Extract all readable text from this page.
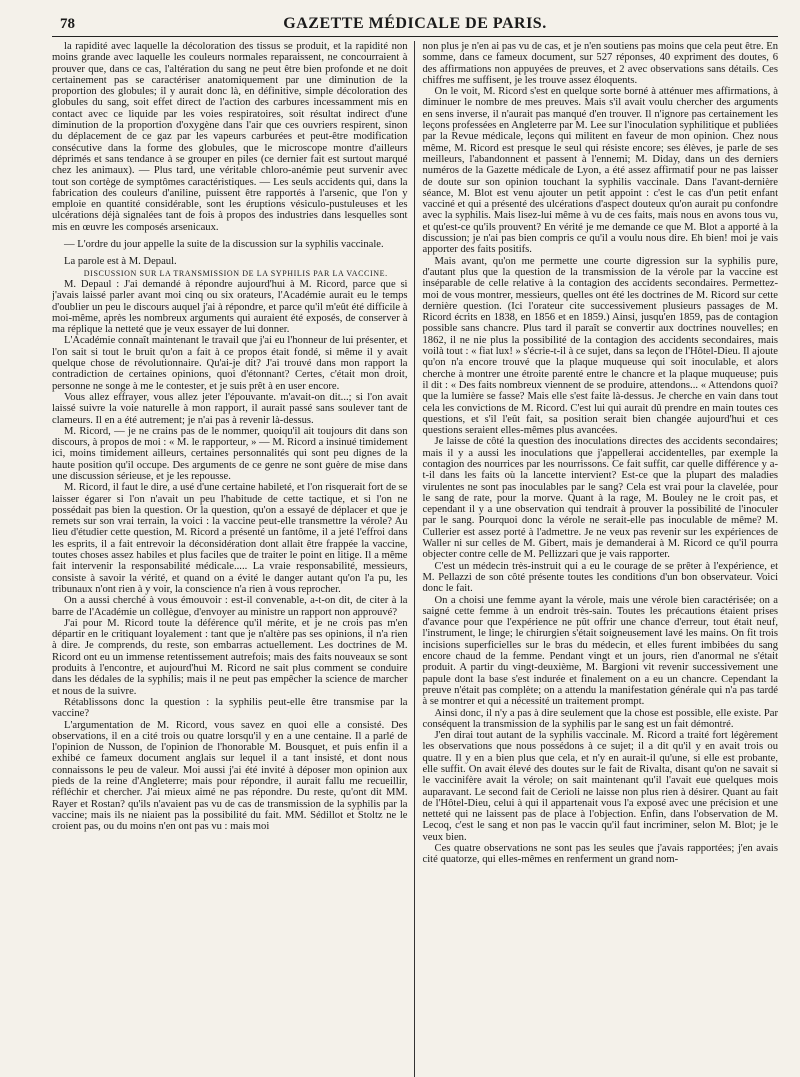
78	GAZETTE MÉDICALE DE PARIS.

la rapidité avec laquelle la décoloration des tissus se produit, et la rapidité non moins grande avec laquelle les couleurs normales reparaissent, ne concourraient à prouver que, dans ce cas, l'altération du sang ne peut être bien profonde et ne doit certainement pas se caractériser anatomiquement par une diminution de la proportion des globules; il y aurait donc là, en définitive, simple décoloration des globules du sang, soit effet direct de l'action des carbures incessamment mis en contact avec ce liquide par les voies respiratoires, soit résultat indirect d'une diminution de la proportion d'oxygène dans l'air que ces ouvriers respirent, sinon du déplacement de ce gaz par les vapeurs carburées et peut-être modification consécutive dans la forme des globules, que le microscope montre d'ailleurs déprimés et sans tendance à se grouper en piles (ce dernier fait est surtout marqué chez les animaux). — Plus tard, une véritable chloro-anémie peut survenir avec tout son cortège de symptômes caractéristiques. — Les seuls accidents qui, dans la fabrication des couleurs d'aniline, puissent être rapportés à l'arsenic, que l'on y emploie en quantité considérable, sont les éruptions vésiculo-pustuleuses et les ulcérations déjà signalées tant de fois à propos des industries dans lesquelles sont mis en œuvre les composés arsenicaux.

— L'ordre du jour appelle la suite de la discussion sur la syphilis vaccinale.

La parole est à M. Depaul.

DISCUSSION SUR LA TRANSMISSION DE LA SYPHILIS PAR LA VACCINE.

M. Depaul : J'ai demandé à répondre aujourd'hui à M. Ricord, parce que si j'avais laissé parler avant moi cinq ou six orateurs, l'Académie aurait eu le temps d'oublier un peu le discours auquel j'ai à répondre, et parce qu'il m'eût été difficile à moi-même, après les nombreux arguments qui auraient été exposés, de conserver à ma réplique la netteté que je veux essayer de lui donner.

L'Académie connaît maintenant le travail que j'ai eu l'honneur de lui présenter, et l'on sait si tout le bruit qu'on a fait à ce propos était fondé, si même il y avait quelque chose de révolutionnaire. Qu'ai-je dit? J'ai trouvé dans mon rapport la contradiction de certaines opinions, quoi d'étonnant? Certes, c'était mon droit, personne ne songe à me le contester, et je suis prêt à en user encore.

Vous allez effrayer, vous allez jeter l'épouvante. m'avait-on dit...; si l'on avait laissé suivre la voie naturelle à mon rapport, il aurait passé sans soulever tant de clameurs. Il en a été autrement; je n'ai pas à revenir là-dessus.

M. Ricord, — je ne crains pas de le nommer, quoiqu'il ait toujours dit dans son discours, à propos de moi : « M. le rapporteur, » — M. Ricord a insinué timidement ici, moins timidement ailleurs, certaines personnalités qui sont peu dignes de la haute position qu'il occupe. Des arguments de ce genre ne sont guère de mise dans une discussion sérieuse, et je les repousse.

M. Ricord, il faut le dire, a usé d'une certaine habileté, et l'on risquerait fort de se laisser égarer si l'on n'avait un peu l'habitude de cette tactique, et si l'on ne possédait pas bien la question. Or la question, qu'on a essayé de déplacer et que je remets sur son vrai terrain, la voici : la vaccine peut-elle transmettre la vérole? Au lieu d'étudier cette question, M. Ricord a présenté un fantôme, il a jeté l'effroi dans les esprits, il a fait entrevoir la déconsidération dont allait être frappée la vaccine, toutes choses assez habiles et plus faciles que de traiter le point en litige. Il a même fait intervenir la responsabilité médicale..... La vraie responsabilité, messieurs, consiste à savoir la vérité, et quand on a évité le danger autant qu'on l'a pu, les tribunaux n'ont rien à y voir, la conscience n'a rien à vous reprocher.

On a aussi cherché à vous émouvoir : est-il convenable, a-t-on dit, de citer à la barre de l'Académie un collègue, d'envoyer au ministre un rapport non approuvé?

J'ai pour M. Ricord toute la déférence qu'il mérite, et je ne crois pas m'en départir en le critiquant loyalement : tant que je n'altère pas ses opinions, il n'a rien à dire. Je comprends, du reste, son embarras actuellement. Les doctrines de M. Ricord ont eu un immense retentissement autrefois; mais des faits nouveaux se sont produits à l'encontre, et aujourd'hui M. Ricord ne sait plus comment se conduire dans les dédales de la syphilis; mais il ne peut pas empêcher la science de marcher et nous de la suivre.

Rétablissons donc la question : la syphilis peut-elle être transmise par la vaccine?

L'argumentation de M. Ricord, vous savez en quoi elle a consisté. Des observations, il en a cité trois ou quatre lorsqu'il y en a une centaine. Il a parlé de l'opinion de Nusson, de l'opinion de l'honorable M. Bousquet, et puis enfin il a exhibé ce fameux document anglais sur lequel il a tant insisté, et dont nous connaissons le peu de valeur. Moi aussi j'ai été invité à déposer mon opinion aux pieds de la reine d'Angleterre; mais pour répondre, il aurait fallu me recueillir, réfléchir et chercher. J'ai mieux aimé ne pas répondre. Du reste, qu'ont dit MM. Rayer et Rostan? qu'ils n'avaient pas vu de cas de transmission de la syphilis par la vaccine; mais ils ne niaient pas la possibilité du fait. MM. Sédillot et Stoltz ne le croient pas, ou du moins n'en ont pas vu : mais moi

non plus je n'en ai pas vu de cas, et je n'en soutiens pas moins que cela peut être. En somme, dans ce fameux document, sur 527 réponses, 40 expriment des doutes, 6 des affirmations non appuyées de preuves, et 2 avec observations sans détails. Ces chiffres me suffisent, je les trouve assez éloquents.

On le voit, M. Ricord s'est en quelque sorte borné à atténuer mes affirmations, à diminuer le nombre de mes preuves. Mais s'il avait voulu chercher des arguments en sens inverse, il n'aurait pas manqué d'en trouver. Il n'ignore pas certainement les leçons professées en Angleterre par M. Lee sur l'inoculation syphilitique et publiées par la Revue médicale, leçons qui militent en faveur de mon opinion. Chez nous même, M. Ricord est presque le seul qui résiste encore; ses élèves, je parle de ses meilleurs, l'abandonnent et passent à l'ennemi; M. Diday, dans un des derniers numéros de la Gazette médicale de Lyon, a été assez affirmatif pour ne pas laisser de doute sur son opinion touchant la syphilis vaccinale. Dans l'avant-dernière séance, M. Blot est venu ajouter un petit appoint : c'est le cas d'un petit enfant vacciné et qui a présenté des ulcérations d'aspect douteux qu'on aurait pu confondre avec la syphilis. Mais lisez-lui même à vu de ces faits, mais nous en avons tous vu, et qu'est-ce qu'ils prouvent? En vérité je me demande ce que M. Blot a apporté à la discussion; je n'ai pas bien compris ce qu'il a voulu nous dire. Eh bien! moi je vais apporter des faits positifs.

Mais avant, qu'on me permette une courte digression sur la syphilis pure, d'autant plus que la question de la transmission de la vérole par la vaccine est inséparable de celle relative à la contagion des accidents secondaires. Permettez-moi de vous montrer, messieurs, quelles ont été les doctrines de M. Ricord sur cette dernière question. (Ici l'orateur cite successivement plusieurs passages de M. Ricord écrits en 1838, en 1856 et en 1859.) Ainsi, jusqu'en 1859, pas de contagion possible sans chancre. Plus tard il paraît se convertir aux doctrines nouvelles; en 1862, il ne nie plus la possibilité de la contagion des accidents secondaires, mais voilà tout : « fiat lux! » s'écrie-t-il à ce sujet, dans sa leçon de l'Hôtel-Dieu. Il ajoute qu'on n'a encore trouvé que la plaque muqueuse qui soit inoculable, et alors cherche à montrer une étroite parenté entre le chancre et la plaque muqueuse; puis il dit : « Des faits nombreux viennent de se produire, attendons... « Attendons quoi? que la lumière se fasse? Mais elle s'est faite là-dessus. Je cherche en vain dans tout cela les convictions de M. Ricord. C'est lui qui aurait dû prendre en main toutes ces questions, et s'il l'eût fait, sa position serait bien changée aujourd'hui et ces questions seraient elles-mêmes plus avancées.

Je laisse de côté la question des inoculations directes des accidents secondaires; mais il y a aussi les inoculations que j'appellerai accidentelles, par exemple la contagion des nourrices par les nourrissons. Ce fait suffit, car quelle différence y a-t-il dans les faits où la lancette intervient? Est-ce que la plupart des maladies virulentes ne sont pas inoculables par le sang? Cela est vrai pour la clavelée, pour le sang de rate, pour la morve. Quant à la rage, M. Bouley ne le croit pas, et cependant il y a une observation qui tendrait à prouver la possibilité de l'inoculer par le sang. Pourquoi donc la vérole ne serait-elle pas inoculable de même? M. Cullerier est assez porté à l'admettre. Je ne veux pas revenir sur les expériences de Waller ni sur celles de M. Gibert, mais je demanderai à M. Ricord ce qu'il pourra objecter contre celle de M. Pellizzari que je vais rapporter.

C'est un médecin très-instruit qui a eu le courage de se prêter à l'expérience, et M. Pellazzi de son côté présente toutes les conditions d'un bon observateur. Voici donc le fait.

On a choisi une femme ayant la vérole, mais une vérole bien caractérisée; on a saigné cette femme à un endroit très-sain. Toutes les précautions étaient prises d'avance pour que l'expérience ne pût offrir une chance d'erreur, tout était neuf, l'instrument, le linge; le chirurgien s'était soigneusement lavé les mains. On fit trois incisions superficielles sur le bras du médecin, et elles furent imbibées du sang encore chaud de la femme. Pendant vingt et un jours, rien d'anormal ne s'était produit. A partir du vingt-deuxième, M. Bargioni vit revenir successivement une papule dont la base s'est indurée et finalement on a eu un chancre. Cependant la preuve n'était pas complète; on a attendu la manifestation générale qui n'a pas tardé à se montrer et qui a nécessité un traitement prompt.

Ainsi donc, il n'y a pas à dire seulement que la chose est possible, elle existe. Par conséquent la transmission de la syphilis par le sang est un fait démontré.

J'en dirai tout autant de la syphilis vaccinale. M. Ricord a traité fort légèrement les observations que nous possédons à ce sujet; il a dit qu'il y en avait trois ou quatre. Il y en a bien plus que cela, et n'y en aurait-il qu'une, si elle est probante, elle suffit. On avait élevé des doutes sur le fait de Rivalta, disant qu'on ne savait si le vaccinifère avait la vérole; on sait maintenant qu'il l'avait eue quelques mois auparavant. Le second fait de Cerioli ne laisse non plus rien à désirer. Quant au fait de l'Hôtel-Dieu, celui à qui il appartenait vous l'a exposé avec une précision et une netteté qui ne laissent pas de place à l'objection. Enfin, dans l'observation de M. Lecoq, c'est le sang et non pas le vaccin qu'il faut incriminer, selon M. Blot; je le veux bien.

Ces quatre observations ne sont pas les seules que j'avais rapportées; j'en avais cité quatorze, qui elles-mêmes en renferment un grand nom-
